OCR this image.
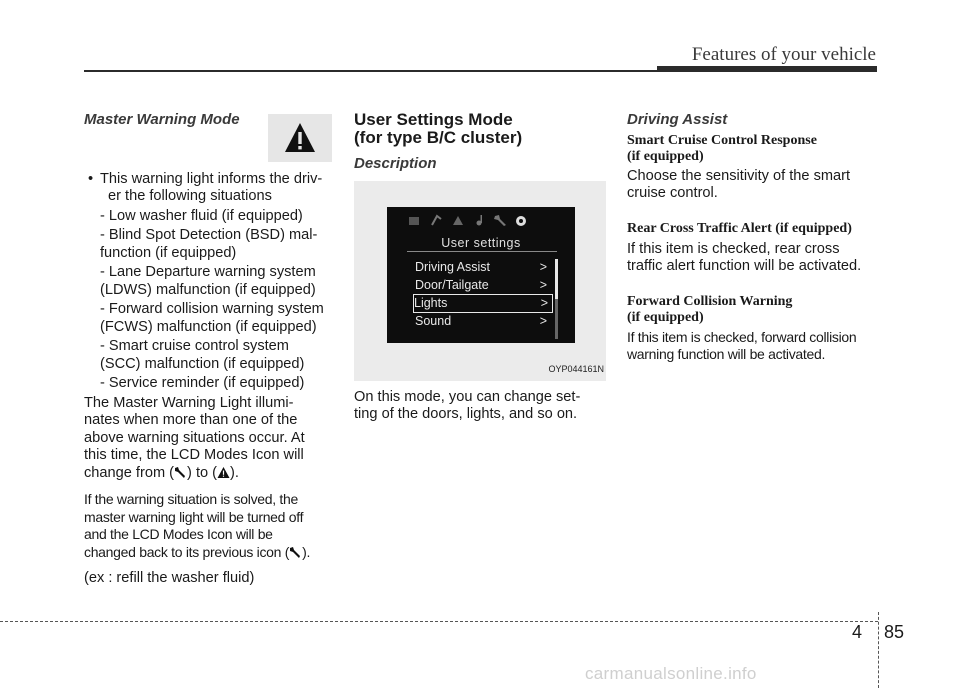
Features of your vehicle
Master Warning Mode
• This warning light informs the driv-
er the following situations
- Low washer fluid (if equipped)
- Blind Spot Detection (BSD) mal-
function (if equipped)
- Lane Departure warning system
(LDWS) malfunction (if equipped)
- Forward collision warning system
(FCWS) malfunction (if equipped)
- Smart cruise control system
(SCC) malfunction (if equipped)
- Service reminder (if equipped)
The Master Warning Light illumi-
nates when more than one of the
above warning situations occur. At
this time, the LCD Modes Icon will
change from ( ) to ( ).
If the warning situation is solved, the
master warning light will be turned off
and the LCD Modes Icon will be
changed back to its previous icon ( ).
(ex : refill the washer fluid)
User Settings Mode
(for type B/C cluster)
Description
User settings
Driving Assist	>
Door/Tailgate	>
Lights	>
Sound	>
OYP044161N
On this mode, you can change set-
ting of the doors, lights, and so on.
Driving Assist
Smart Cruise Control Response
(if equipped)
Choose the sensitivity of the smart
cruise control.
Rear Cross Traffic Alert (if equipped)
If this item is checked, rear cross
traffic alert function will be activated.
Forward Collision Warning
(if equipped)
If this item is checked, forward collision
warning function will be activated.
4 85
carmanualsonline.info
